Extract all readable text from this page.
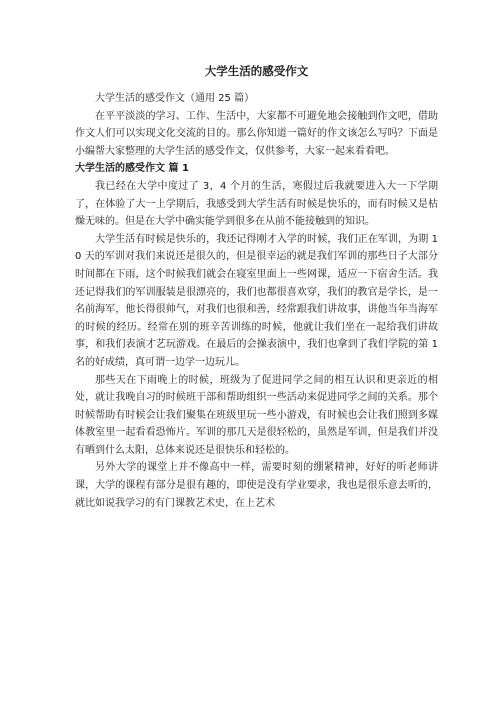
大学生活的感受作文

大学生活的感受作文（通用 25 篇）

在平平淡淡的学习、工作、生活中，大家都不可避免地会接触到作文吧，借助作文人们可以实现文化交流的目的。那么你知道一篇好的作文该怎么写吗？下面是小编帮大家整理的大学生活的感受作文，仅供参考，大家一起来看看吧。

大学生活的感受作文 篇 1

我已经在大学中度过了 3，4 个月的生活，寒假过后我就要进入大一下学期了，在体验了大一上学期后，我感受到大学生活有时候是快乐的，而有时候又是枯燥无味的。但是在大学中确实能学到很多在从前不能接触到的知识。

大学生活有时候是快乐的，我还记得刚才入学的时候，我们正在军训，为期 10 天的军训对我们来说还是很久的，但是很幸运的就是我们军训的那些日子大部分时间都在下雨，这个时候我们就会在寝室里面上一些网课，适应一下宿舍生活。我还记得我们的军训服装是很漂亮的，我们也都很喜欢穿，我们的教官是学长，是一名前海军，他长得很帅气，对我们也很和善，经常跟我们讲故事，讲他当年当海军的时候的经历。经常在别的班辛苦训练的时候，他就让我们坐在一起给我们讲故事，和我们表演才艺玩游戏。在最后的会操表演中，我们也拿到了我们学院的第 1 名的好成绩，真可谓一边学一边玩儿。

那些天在下雨晚上的时候，班级为了促进同学之间的相互认识和更亲近的相处，就让我晚自习的时候班干部和帮助组织一些活动来促进同学之间的关系。那个时候帮助有时候会让我们聚集在班级里玩一些小游戏，有时候也会让我们照到多媒体教室里一起看看恐怖片。军训的那几天是很轻松的，虽然是军训，但是我们并没有晒到什么太阳，总体来说还是很快乐和轻松的。

另外大学的课堂上并不像高中一样，需要时刻的绷紧精神，好好的听老师讲课，大学的课程有部分是很有趣的，即使是没有学业要求，我也是很乐意去听的，就比如说我学习的有门课教艺术史，在上艺术
